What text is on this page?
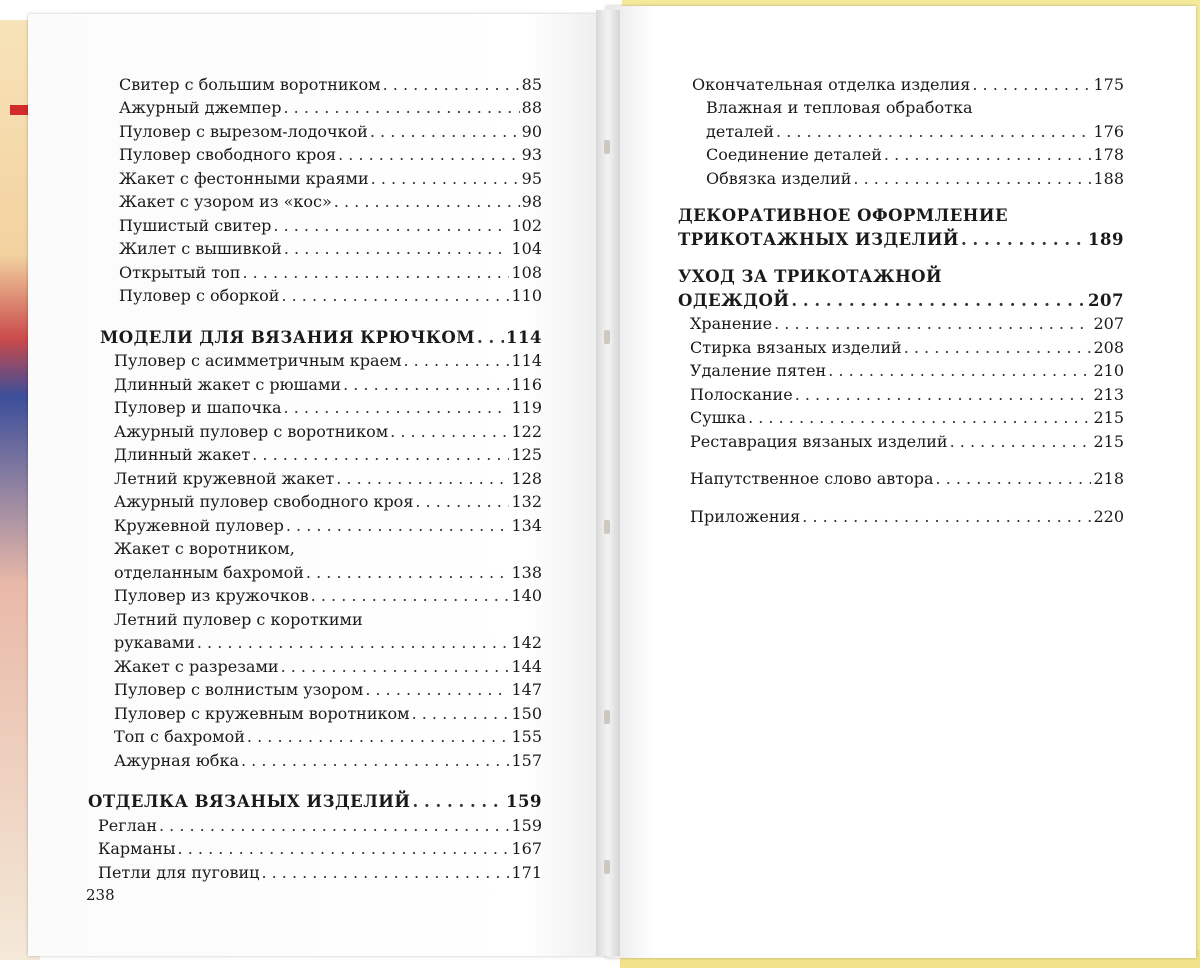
Свитер с большим воротником . . .	85
Ажурный джемпер . . .	88
Пуловер с вырезом-лодочкой . . .	90
Пуловер свободного кроя . . .	93
Жакет с фестонными краями . . .	95
Жакет с узором из «кос» . . .	98
Пушистый свитер . . .	102
Жилет с вышивкой . . .	104
Открытый топ . . .	108
Пуловер с оборкой . . .	110
МОДЕЛИ ДЛЯ ВЯЗАНИЯ КРЮЧКОМ . . . 114
Пуловер с асимметричным краем . . .	114
Длинный жакет с рюшами . . .	116
Пуловер и шапочка . . .	119
Ажурный пуловер с воротником . . .	122
Длинный жакет . . .	125
Летний кружевной жакет . . .	128
Ажурный пуловер свободного кроя . . .	132
Кружевной пуловер . . .	134
Жакет с воротником,
отделанным бахромой . . .	138
Пуловер из кружочков . . .	140
Летний пуловер с короткими
рукавами . . .	142
Жакет с разрезами . . .	144
Пуловер с волнистым узором . . .	147
Пуловер с кружевным воротником . . .	150
Топ с бахромой . . .	155
Ажурная юбка . . .	157
ОТДЕЛКА ВЯЗАНЫХ ИЗДЕЛИЙ . . .	159
Реглан . . .	159
Карманы . . .	167
Петли для пуговиц . . .	171
238
Окончательная отделка изделия . . .	175
Влажная и тепловая обработка
деталей . . .	176
Соединение деталей . . .	178
Обвязка изделий . . .	188
ДЕКОРАТИВНОЕ ОФОРМЛЕНИЕ
ТРИКОТАЖНЫХ ИЗДЕЛИЙ . . .	189
УХОД ЗА ТРИКОТАЖНОЙ
ОДЕЖДОЙ . . .	207
Хранение . . .	207
Стирка вязаных изделий . . .	208
Удаление пятен . . .	210
Полоскание . . .	213
Сушка . . .	215
Реставрация вязаных изделий . . .	215
Напутственное слово автора . . .	218
Приложения . . .	220
